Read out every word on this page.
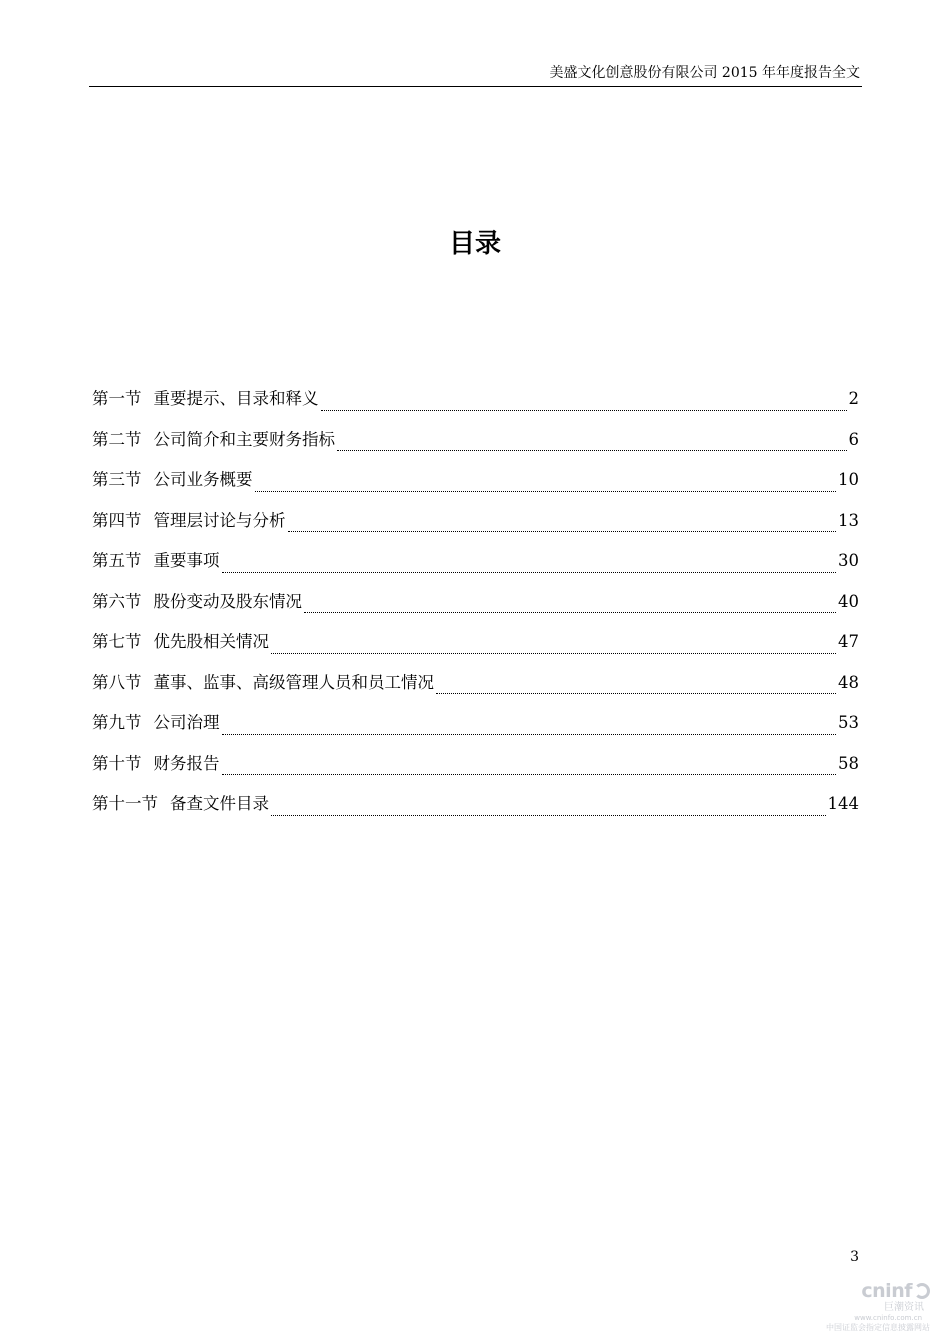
美盛文化创意股份有限公司 2015 年年度报告全文
目录
第一节 重要提示、目录和释义	2
第二节 公司简介和主要财务指标	6
第三节 公司业务概要	10
第四节 管理层讨论与分析	13
第五节 重要事项	30
第六节 股份变动及股东情况	40
第七节 优先股相关情况	47
第八节 董事、监事、高级管理人员和员工情况	48
第九节 公司治理	53
第十节 财务报告	58
第十一节 备查文件目录	144
3
cninf
巨潮资讯
www.cninfo.com.cn
中国证监会指定信息披露网站
